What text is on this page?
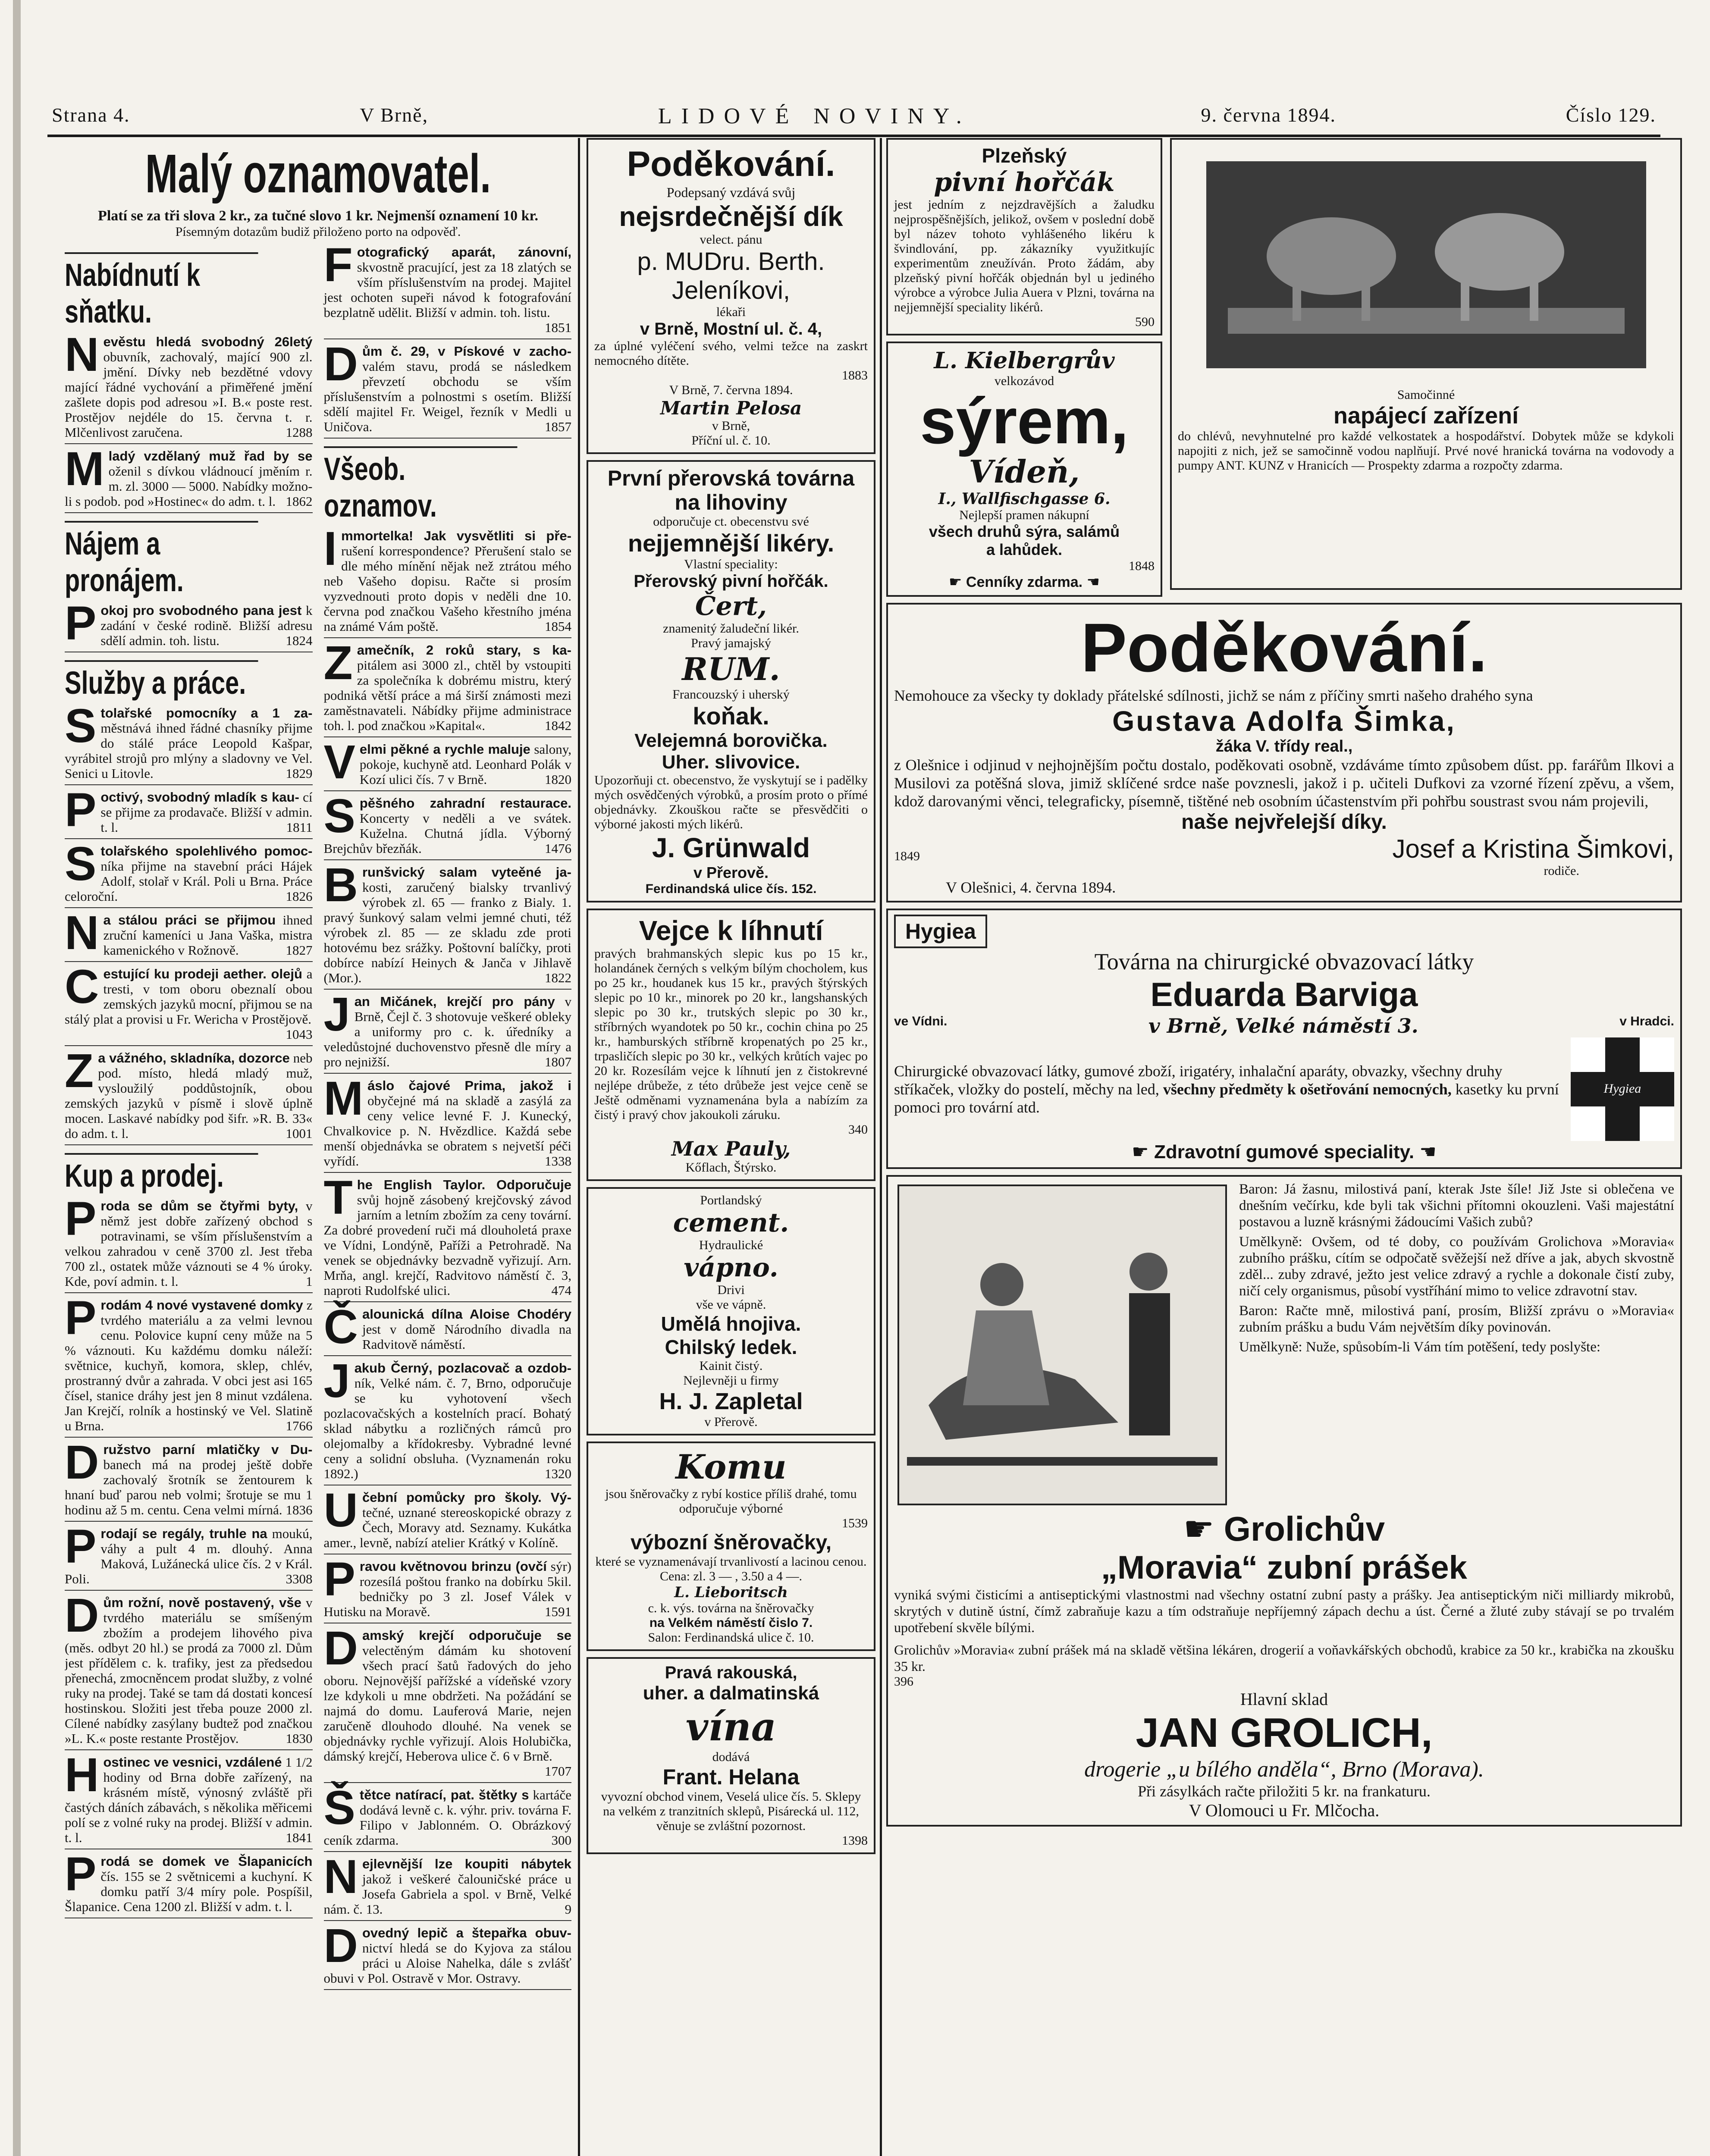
Strana 4.	V Brně,	LIDOVÉ NOVINY.	9. června 1894.	Číslo 129.
Malý oznamovatel.

Platí se za tři slova 2 kr., za tučné slovo 1 kr. Nejmenší oznamení 10 kr.

Písemným dotazům budiž přiloženo porto na odpověď.

Nabídnutí k sňatku.
Nevěstu hledá svobodný 26letý obuvník, zachovalý, mající 900 zl. jmění. Dívky neb bezdětné vdovy mající řádné vychování a přiměřené jmění zašlete dopis pod adresou »I. B.« poste rest. Prostějov nejdéle do 15. června t. r. Mlčenlivost zaručena.	1288
Mladý vzdělaný muž řad by se oženil s dívkou vládnoucí jměním r. m. zl. 3000 — 5000. Nabídky možno-li s podob. pod »Hostinec« do adm. t. l. 1862
Nájem a pronájem.
Pokoj pro svobodného pana jest k zadání v české rodině. Bližší adresu sdělí admin. toh. listu.	1824
Služby a práce.
Stolařské pomocníky a 1 za- městnává ihned řádné chasníky přijme do stálé práce Leopold Kašpar, vyrábitel strojů pro mlýny a sladovny ve Vel. Senici u Litovle.	1829
Poctivý, svobodný mladík s kau- cí se přijme za prodavače. Bližší v admin. t. l.	1811
Stolařského spolehlivého pomoc- níka přijme na stavební práci Hájek Adolf, stolař v Král. Poli u Brna. Práce celoroční.	1826
Na stálou práci se přijmou ihned zruční kameníci u Jana Vaška, mistra kamenického v Rožnově.	1827
Cestující ku prodeji aether. olejů a tresti, v tom oboru obeznalí obou zemských jazyků mocní, přijmou se na stálý plat a provisi u Fr. Wericha v Prostějově.
1043
Za vážného, skladníka, dozorce neb pod. místo, hledá mladý muž, vysloužilý poddůstojník, obou zemských jazyků v písmě i slově úplně mocen. Laskavé nabídky pod šifr. »R. B. 33« do adm. t. l.	1001
Kup a prodej.
Proda se dům se čtyřmi byty, v němž jest dobře zařízený obchod s potravinami, se vším příslušenstvím a velkou zahradou v ceně 3700 zl. Jest třeba 700 zl., ostatek může váznouti se 4 % úroky. Kde, poví admin. t. l.	1
Prodám 4 nové vystavené domky z tvrdého materiálu a za velmi levnou cenu. Polovice kupní ceny může na 5 % váznouti. Ku každému domku náleží: světnice, kuchyň, komora, sklep, chlév, prostranný dvůr a zahrada. V obci jest asi 165 čísel, stanice dráhy jest jen 8 minut vzdálena. Jan Krejčí, rolník a hostinský ve Vel. Slatině u Brna.	1766
Družstvo parní mlatičky v Du- banech má na prodej ještě dobře zachovalý šrotník se žentourem k hnaní buď parou neb volmi; šrotuje se mu 1 hodinu až 5 m. centu. Cena velmi mírná. 1836
Prodají se regály, truhle na moukú, váhy a pult 4 m. dlouhý. Anna Maková, Lužánecká ulice čís. 2 v Král. Poli.	3308
Dům rožní, nově postavený, vše v tvrdého materiálu se smíšeným zbožím a prodejem lihového piva (měs. odbyt 20 hl.) se prodá za 7000 zl. Dům jest přídělem c. k. trafiky, jest za předsedou přenechá, zmocněncem prodat služby, z volné ruky na prodej. Také se tam dá dostati koncesí hostinskou. Složiti jest třeba pouze 2000 zl. Cílené nabídky zasýlany budtež pod značkou »L. K.« poste restante Prostějov.	1830
Hostinec ve vesnici, vzdálené 1 1/2 hodiny od Brna dobře zařízený, na krásném místě, výnosný zvláště při častých dáních zábavách, s několika měřicemi polí se z volné ruky na prodej. Bližší v admin. t. l.	1841
Prodá se domek ve Šlapanicích čís. 155 se 2 světnicemi a kuchyní. K domku patří 3/4 míry pole. Pospíšil, Šlapanice. Cena 1200 zl. Bližší v adm. t. l.
Fotografický aparát, zánovní, skvostně pracující, jest za 18 zlatých se vším příslušenstvím na prodej. Majitel jest ochoten supeři návod k fotografování bezplatně udělit. Bližší v admin. toh. listu.
1851
Dům č. 29, v Pískové v zacho- valém stavu, prodá se následkem převzetí obchodu se vším příslušenstvím a polnostmi s osetím. Bližší sdělí majitel Fr. Weigel, řezník v Medli u Uničova.	1857
Všeob. oznamov.
Immortelka! Jak vysvětliti si pře- rušení korrespondence? Přerušení stalo se dle mého mínění nějak než ztrátou mého neb Vašeho dopisu. Račte si prosím vyzvednouti proto dopis v neděli dne 10. června pod značkou Vašeho křestního jména na známé Vám poště.	1854
Zamečník, 2 roků stary, s ka- pitálem asi 3000 zl., chtěl by vstoupiti za společníka k dobrému mistru, který podniká větší práce a má širší známosti mezi zaměstnavateli. Nábídky přijme administrace toh. l. pod značkou »Kapital«.	1842
Velmi pěkné a rychle maluje salony, pokoje, kuchyně atd. Leonhard Polák v Kozí ulici čís. 7 v Brně.	1820
Spěšného zahradní restaurace. Koncerty v neděli a ve svátek. Kuželna. Chutná jídla. Výborný Brejchův březňák.	1476
Brunšvický salam vyteěné ja- kosti, zaručený bialsky trvanlivý výrobek zl. 65 — franko z Bialy. 1. pravý šunkový salam velmi jemné chuti, též výrobek zl. 85 — ze skladu zde proti hotovému bez srážky. Poštovní balíčky, proti dobírce nabízí Heinych & Janča v Jihlavě (Mor.).	1822
Jan Mičánek, krejčí pro pány v Brně, Čejl č. 3 shotovuje veškeré obleky a uniformy pro c. k. úředníky a veledůstojné duchovenstvo přesně dle míry a pro nejnižší.	1807
Máslo čajové Prima, jakož i obyčejné má na skladě a zasýlá za ceny velice levné F. J. Kunecký, Chvalkovice p. N. Hvězdlice. Každá sebe menší objednávka se obratem s nejvetší péči vyřídí.	1338
The English Taylor. Odporučuje svůj hojně zásobený krejčovský závod jarním a letním zbožím za ceny tovární. Za dobré provedení ruči má dlouholetá praxe ve Vídni, Londýně, Paříži a Petrohradě. Na venek se objednávky bezvadně vyřizují. Arn. Mrňa, angl. krejčí, Radvitovo náměstí č. 3, naproti Rudolfské ulici.	474
Čalounická dílna Aloise Chodéry jest v domě Národního divadla na Radvitově náměstí.
Jakub Černý, pozlacovač a ozdob- ník, Velké nám. č. 7, Brno, odporučuje se ku vyhotovení všech pozlacovačských a kostelních prací. Bohatý sklad nábytku a rozličných rámců pro olejomalby a křídokresby. Vybradné levné ceny a solidní obsluha. (Vyznamenán roku 1892.)	1320
Učební pomůcky pro školy. Vý- tečné, uznané stereoskopické obrazy z Čech, Moravy atd. Seznamy. Kukátka amer., levně, nabízí atelier Krátký v Kolíně.
Pravou květnovou brinzu (ovčí sýr) rozesílá poštou franko na dobírku 5kil. bedničky po 3 zl. Josef Válek v Hutisku na Moravě.	1591
Damský krejčí odporučuje se velectěným dámám ku shotovení všech prací šatů řadových do jeho oboru. Nejnovější pařížské a vídeňské vzory lze kdykoli u mne obdržeti. Na požádání se najmá do domu. Lauferová Marie, nejen zaručeně dlouhodo dlouhé. Na venek se objednávky rychle vyřizují. Alois Holubička, dámský krejčí, Heberova ulice č. 6 v Brně.
1707
Štětce natírací, pat. štětky s kartáče dodává levně c. k. výhr. priv. továrna F. Filipo v Jablonném. O. Obrázkový ceník zdarma.	300
Nejlevnější lze koupiti nábytek jakož i veškeré čalouničské práce u Josefa Gabriela a spol. v Brně, Velké nám. č. 13.	9
Dovedný lepič a štepařka obuv- nictví hledá se do Kyjova za stálou práci u Aloise Nahelka, dále s zvlášť obuvi v Pol. Ostravě v Mor. Ostravy.
Poděkování.
Podepsaný vzdává svůj
nejsrdečnější dík
velect. pánu
p. MUDru. Berth. Jeleníkovi,
lékaři
v Brně, Mostní ul. č. 4,
za úplné vyléčení svého, velmi težce na zaskrt nemocného dítěte.
1883
V Brně, 7. června 1894.
Martin Pelosa
v Brně,
Příční ul. č. 10.
První přerovská továrna na lihoviny
odporučuje ct. obecenstvu své
nejjemnější likéry.
Vlastní speciality:
Přerovský pivní hořčák.
Čert,
znamenitý žaludeční likér.
Pravý jamajský
RUM.
Francouzský i uherský
koňak.
Velejemná borovička.
Uher. slivovice.
Upozorňuji ct. obecenstvo, že vyskytují se i padělky mých osvědčených výrobků, a prosím proto o přímé objednávky. Zkouškou račte se přesvědčiti o výborné jakosti mých likérů.
J. Grünwald
v Přerově.
Ferdinandská ulice čís. 152.
Vejce k líhnutí
pravých brahmanských slepic kus po 15 kr., holandánek černých s velkým bílým chocholem, kus po 25 kr., houdanek kus 15 kr., pravých štýrských slepic po 10 kr., minorek po 20 kr., langshanských slepic po 30 kr., trutských slepic po 30 kr., stříbrných wyandotek po 50 kr., cochin china po 25 kr., hamburských stříbrně kropenatých po 25 kr., trpasličích slepic po 30 kr., velkých krůtích vajec po 20 kr. Rozesílám vejce k líhnutí jen z čistokrevné nejlépe drůbeže, z této drůbeže jest vejce ceně se Ještě odměnami vyznamenána byla a nabízím za čistý i pravý chov jakoukoli záruku.
340
Max Pauly,
Kőflach, Štýrsko.
Portlandský
cement.
Hydraulické
vápno.
Drivi
vše ve vápně.
Umělá hnojiva.
Chilský ledek.
Kainit čistý.
Nejlevněji u firmy
H. J. Zapletal
v Přerově.
Komu
jsou šněrovačky z rybí kostice příliš drahé, tomu odporučuje výborné
1539
výbozní šněrovačky,
které se vyznamenávají trvanlivostí a lacinou cenou. Cena: zl. 3 — , 3.50 a 4 —.
L. Lieboritsch
c. k. výs. továrna na šněrovačky
na Velkém náměstí čislo 7.
Salon: Ferdinandská ulice č. 10.
Pravá rakouská,
uher. a dalmatinská
vína
dodává
Frant. Helana
vyvozní obchod vinem, Veselá ulice čís. 5. Sklepy na velkém z tranzitních sklepů, Pisárecká ul. 112, věnuje se zvláštní pozornost.
1398
Plzeňský
pivní hořčák
jest jedním z nejzdravějších a žaludku nejprospěšnějších, jelikož, ovšem v poslední době byl název tohoto vyhlášeného likéru k švindlování, pp. zákazníky využitkujíc experimentům zneužíván. Proto žádám, aby plzeňský pivní hořčák objednán byl u jediného výrobce a výrobce Julia Auera v Plzni, továrna na nejjemnější speciality likérů.
590
L. Kielbergrův
velkozávod
sýrem,
Vídeň,
I., Wallfischgasse 6.
Nejlepší pramen nákupní
všech druhů sýra, salámů
a lahůdek.
1848
☛ Cenníky zdarma. ☚
Samočinné
napájecí zařízení
do chlévů, nevyhnutelné pro každé velkostatek a hospodářství. Dobytek může se kdykoli napojiti z nich, jež se samočinně vodou naplňují. Prvé nové hranická továrna na vodovody a pumpy ANT. KUNZ v Hranicích — Prospekty zdarma a rozpočty zdarma.
Poděkování.
Nemohouce za všecky ty doklady přátelské sdílnosti, jichž se nám z příčiny smrti našeho drahého syna
Gustava Adolfa Šimka,
žáka V. třídy real.,
z Olešnice i odjinud v nejhojnějším počtu dostalo, poděkovati osobně, vzdáváme tímto způsobem dűst. pp. farářům Ilkovi a Musilovi za potěšná slova, jimiž sklíčené srdce naše povznesli, jakož i p. učiteli Dufkovi za vzorné řízení zpěvu, a všem, kdož darovanými věnci, telegraficky, písemně, tištěné neb osobním účastenstvím při pohřbu soustrast svou nám projevili,
naše nejvřelejší díky.
1849	Josef a Kristina Šimkovi,
rodiče.
V Olešnici, 4. června 1894.
Hygiea
Továrna na chirurgické obvazovací látky
Eduarda Barviga
ve Vídni.	v Brně, Velké náměstí 3.	v Hradci.
Chirurgické obvazovací látky, gumové zboží, irigatéry, inhalační aparáty, obvazky, všechny druhy stříkaček, vložky do postelí, měchy na led, všechny předměty k ošetřování nemocných, kasetky ku první pomoci pro tovární atd.
Hygiea
☛ Zdravotní gumové speciality. ☚

Baron: Já žasnu, milostivá paní, kterak Jste šíle! Již Jste si oblečena ve dnešním večírku, kde byli tak všichni přítomni okouzleni. Vaši majestátní postavou a luzně krásnými žádoucími Vašich zubů?

Umělkyně: Ovšem, od té doby, co používám Grolichova »Moravia« zubního prášku, cítím se odpočatě svěžejší než dříve a jak, abych skvostně zděl... zuby zdravé, ježto jest velice zdravý a rychle a dokonale čistí zuby, ničí cely organismus, působí vystříhání mimo to velice zdravotní stav.

Baron: Račte mně, milostivá paní, prosím, Bližší zprávu o »Moravia« zubním prášku a budu Vám největším díky povinován.

Umělkyně: Nuže, spůsobím-li Vám tím potěšení, tedy poslyšte:

☛ Grolichův
„Moravia“ zubní prášek
vyniká svými čisticími a antiseptickými vlastnostmi nad všechny ostatní zubní pasty a prášky. Jea antiseptickým niči milliardy mikrobů, skrytých v dutině ústní, čímž zabraňuje kazu a tím odstraňuje nepříjemný zápach dechu a úst. Černé a žluté zuby stávají se po trvalém upotřebení skvěle bílými.
Grolichův »Moravia« zubní prášek má na skladě většina lékáren, drogerií a voňavkářských obchodů, krabice za 50 kr., krabička na zkoušku 35 kr.
396
Hlavní sklad
JAN GROLICH,
drogerie „u bílého anděla“, Brno (Morava).
Při zásylkách račte přiložiti 5 kr. na frankaturu.
V Olomouci u Fr. Mlčocha.
